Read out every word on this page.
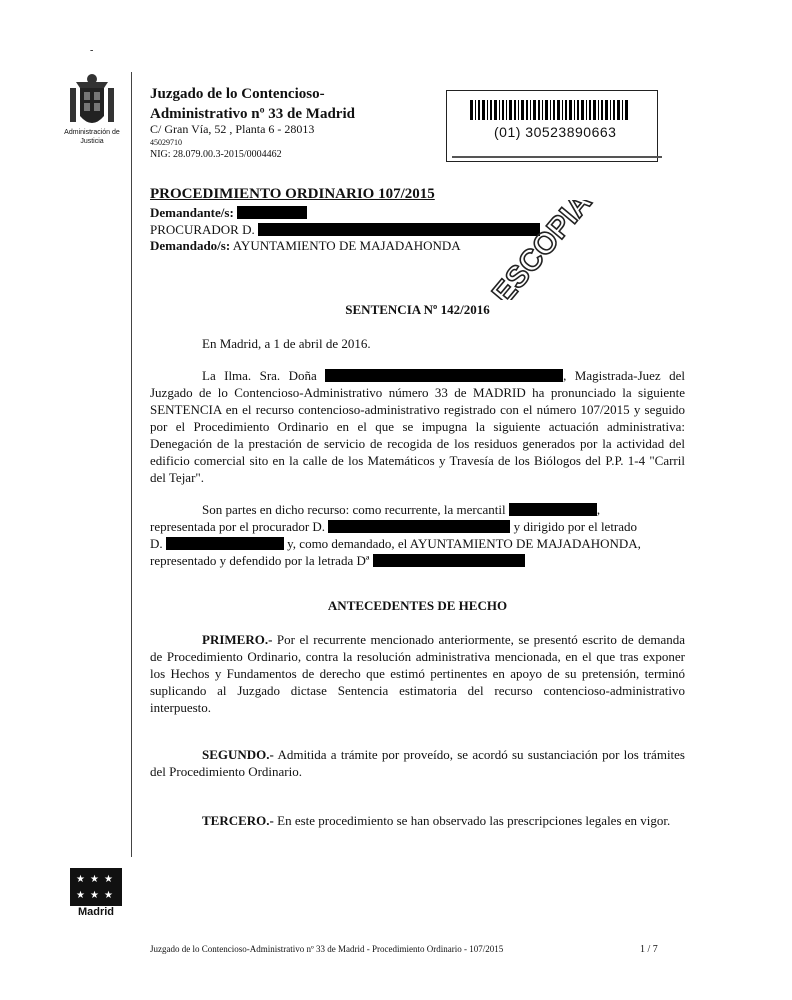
-
Administración de Justicia
Juzgado de lo Contencioso-
Administrativo nº 33 de Madrid
C/ Gran Vía, 52 , Planta 6 - 28013
45029710
NIG: 28.079.00.3-2015/0004462
(01) 30523890663
PROCEDIMIENTO ORDINARIO 107/2015
Demandante/s:
PROCURADOR D.
Demandado/s: AYUNTAMIENTO DE MAJADAHONDA ESCOPIA
SENTENCIA Nº 142/2016
En Madrid, a 1 de abril de 2016.
La Ilma. Sra. Doña	, Magistrada-Juez del Juzgado de lo Contencioso-Administrativo número 33 de MADRID ha pronunciado la siguiente SENTENCIA en el recurso contencioso-administrativo registrado con el número 107/2015 y seguido por el Procedimiento Ordinario en el que se impugna la siguiente actuación administrativa: Denegación de la prestación de servicio de recogida de los residuos generados por la actividad del edificio comercial sito en la calle de los Matemáticos y Travesía de los Biólogos del P.P. 1-4 "Carril del Tejar".
Son partes en dicho recurso: como recurrente, la mercantil	,
representada por el procurador D.	y dirigido por el letrado
D.	y, como demandado, el AYUNTAMIENTO DE MAJADAHONDA,
representado y defendido por la letrada Dª
ANTECEDENTES DE HECHO
PRIMERO.- Por el recurrente mencionado anteriormente, se presentó escrito de demanda de Procedimiento Ordinario, contra la resolución administrativa mencionada, en el que tras exponer los Hechos y Fundamentos de derecho que estimó pertinentes en apoyo de su pretensión, terminó suplicando al Juzgado dictase Sentencia estimatoria del recurso contencioso-administrativo interpuesto.
SEGUNDO.- Admitida a trámite por proveído, se acordó su sustanciación por los trámites del Procedimiento Ordinario.
TERCERO.- En este procedimiento se han observado las prescripciones legales en vigor.
★ ★ ★
★ ★ ★
Madrid
Juzgado de lo Contencioso-Administrativo nº 33 de Madrid - Procedimiento Ordinario - 107/2015	1 / 7
